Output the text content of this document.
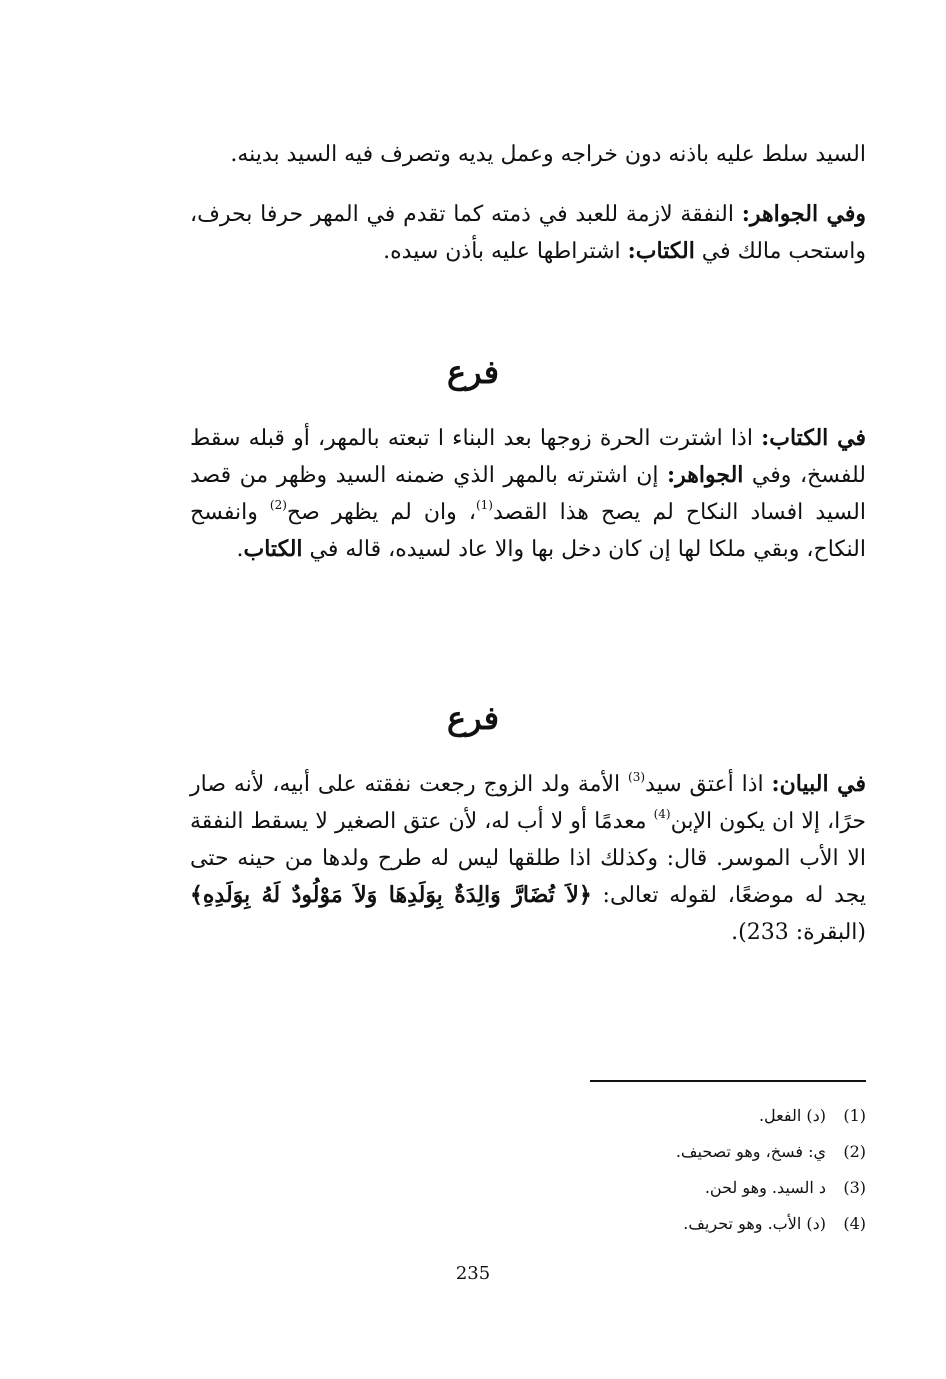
السيد سلط عليه باذنه دون خراجه وعمل يديه وتصرف فيه السيد بدينه.

وفي الجواهر: النفقة لازمة للعبد في ذمته كما تقدم في المهر حرفا بحرف، واستحب مالك في الكتاب: اشتراطها عليه بأذن سيده.

فرع

في الكتاب: اذا اشترت الحرة زوجها بعد البناء ا تبعته بالمهر، أو قبله سقط للفسخ، وفي الجواهر: إن اشترته بالمهر الذي ضمنه السيد وظهر من قصد السيد افساد النكاح لم يصح هذا القصد$^{(1)}$، وان لم يظهر صح$^{(2)}$ وانفسح النكاح، وبقي ملكا لها إن كان دخل بها والا عاد لسيده، قاله في الكتاب.

فرع

في البيان: اذا أعتق سيد$^{(3)}$ الأمة ولد الزوج رجعت نفقته على أبيه، لأنه صار حرًا، إلا ان يكون الإبن$^{(4)}$ معدمًا أو لا أب له، لأن عتق الصغير لا يسقط النفقة الا الأب الموسر. قال: وكذلك اذا طلقها ليس له طرح ولدها من حينه حتى يجد له موضعًا، لقوله تعالى: ﴿لاَ تُضَارَّ وَالِدَةٌ بِوَلَدِهَا وَلاَ مَوْلُودٌ لَهُ بِوَلَدِهِ﴾ (البقرة: 233).

(1)(د) الفعل.
(2)ي: فسخ، وهو تصحيف.
(3)د السيد. وهو لحن.
(4)(د) الأب. وهو تحريف.
235
